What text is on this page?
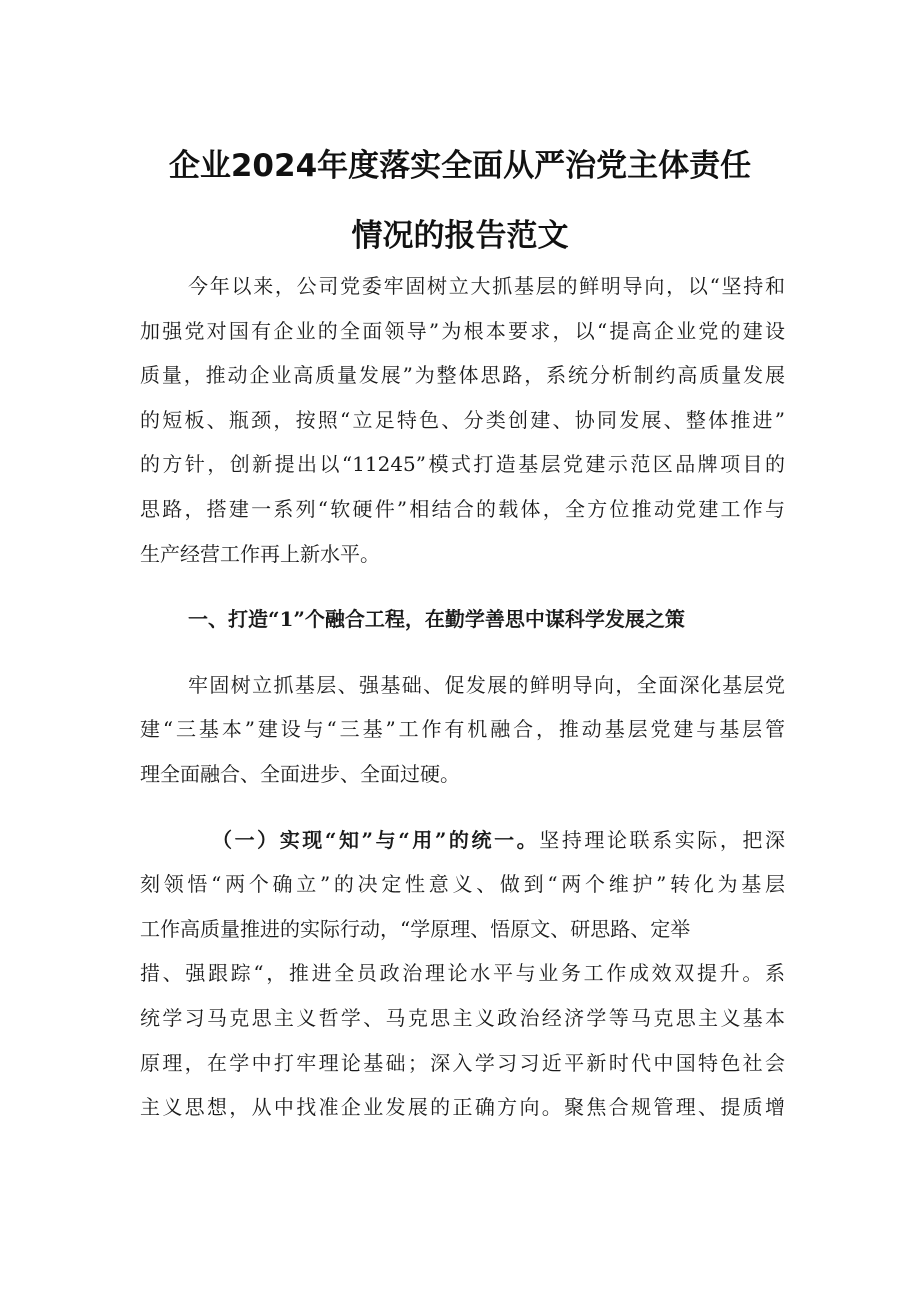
企业2024年度落实全面从严治党主体责任
情况的报告范文
今年以来，公司党委牢固树立大抓基层的鲜明导向，以“坚持和
加强党对国有企业的全面领导”为根本要求，以“提高企业党的建设
质量，推动企业高质量发展”为整体思路，系统分析制约高质量发展
的短板、瓶颈，按照“立足特色、分类创建、协同发展、整体推进”
的方针，创新提出以“11245”模式打造基层党建示范区品牌项目的
思路，搭建一系列“软硬件”相结合的载体，全方位推动党建工作与
生产经营工作再上新水平。
一、打造“1”个融合工程，在勤学善思中谋科学发展之策
牢固树立抓基层、强基础、促发展的鲜明导向，全面深化基层党
建“三基本”建设与“三基”工作有机融合，推动基层党建与基层管
理全面融合、全面进步、全面过硬。
（一）实现“知”与“用”的统一。坚持理论联系实际，把深
刻领悟“两个确立”的决定性意义、做到“两个维护”转化为基层
工作高质量推进的实际行动，“学原理、悟原文、研思路、定举
措、强跟踪“，推进全员政治理论水平与业务工作成效双提升。系
统学习马克思主义哲学、马克思主义政治经济学等马克思主义基本
原理，在学中打牢理论基础；深入学习习近平新时代中国特色社会
主义思想，从中找准企业发展的正确方向。聚焦合规管理、提质增
